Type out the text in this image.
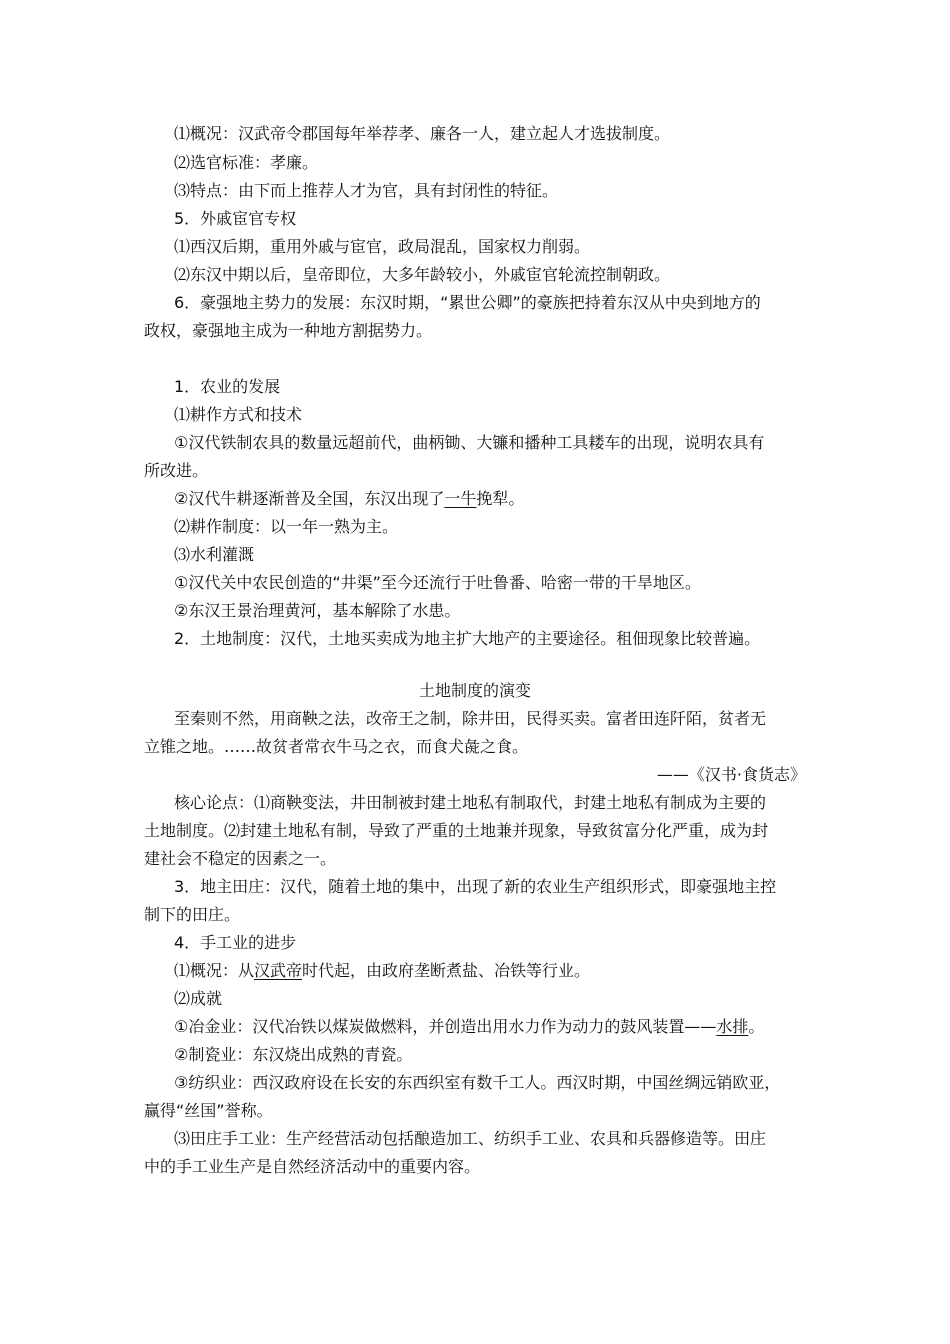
⑴概况：汉武帝令郡国每年举荐孝、廉各一人，建立起人才选拔制度。
⑵选官标准：孝廉。
⑶特点：由下而上推荐人才为官，具有封闭性的特征。
5．外戚宦官专权
⑴西汉后期，重用外戚与宦官，政局混乱，国家权力削弱。
⑵东汉中期以后，皇帝即位，大多年龄较小，外戚宦官轮流控制朝政。
6．豪强地主势力的发展：东汉时期，“累世公卿”的豪族把持着东汉从中央到地方的
政权，豪强地主成为一种地方割据势力。
1．农业的发展
⑴耕作方式和技术
①汉代铁制农具的数量远超前代，曲柄锄、大镰和播种工具耧车的出现，说明农具有
所改进。
②汉代牛耕逐渐普及全国，东汉出现了一牛挽犁。
⑵耕作制度：以一年一熟为主。
⑶水利灌溉
①汉代关中农民创造的“井渠”至今还流行于吐鲁番、哈密一带的干旱地区。
②东汉王景治理黄河，基本解除了水患。
2．土地制度：汉代，土地买卖成为地主扩大地产的主要途径。租佃现象比较普遍。
土地制度的演变
至秦则不然，用商鞅之法，改帝王之制，除井田，民得买卖。富者田连阡陌，贫者无
立锥之地。……故贫者常衣牛马之衣，而食犬彘之食。
——《汉书·食货志》
核心论点：⑴商鞅变法，井田制被封建土地私有制取代，封建土地私有制成为主要的
土地制度。⑵封建土地私有制，导致了严重的土地兼并现象，导致贫富分化严重，成为封
建社会不稳定的因素之一。
3．地主田庄：汉代，随着土地的集中，出现了新的农业生产组织形式，即豪强地主控
制下的田庄。
4．手工业的进步
⑴概况：从汉武帝时代起，由政府垄断煮盐、冶铁等行业。
⑵成就
①冶金业：汉代冶铁以煤炭做燃料，并创造出用水力作为动力的鼓风装置——水排。
②制瓷业：东汉烧出成熟的青瓷。
③纺织业：西汉政府设在长安的东西织室有数千工人。西汉时期，中国丝绸远销欧亚，
赢得“丝国”誉称。
⑶田庄手工业：生产经营活动包括酿造加工、纺织手工业、农具和兵器修造等。田庄
中的手工业生产是自然经济活动中的重要内容。
